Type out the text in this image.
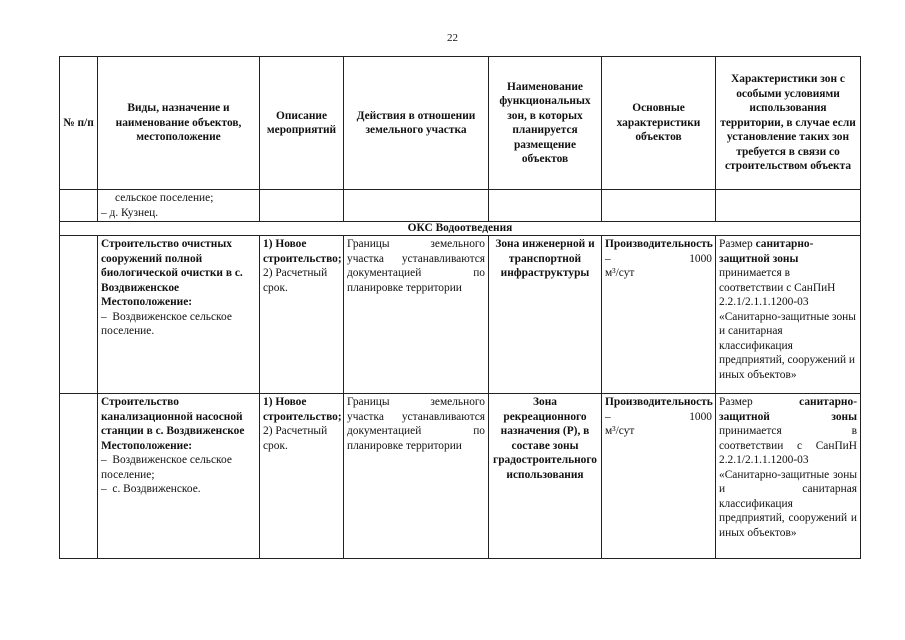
22
№ п/п	Виды, назначение и наименование объектов, местоположение	Описание мероприятий	Действия в отношении земельного участка	Наименование функциональных зон, в которых планируется размещение объектов	Основные характеристики объектов	Характеристики зон с особыми условиями использования территории, в случае если установление таких зон требуется в связи со строительством объекта

	сельское поселение;
– д. Кузнец.					

ОКС Водоотведения						

	Строительство очистных сооружений полной биологической очистки в с. Воздвиженское
Местоположение:
–  Воздвиженское сельское поселение.	1) Новое строительство;
2) Расчетный срок.	Границы земельного участка устанавливаются документацией по планировке территории	Зона инженерной и транспортной инфраструктуры	Производительность
– 1000
м³/сут	Размер санитарно-защитной зоны принимается в соответствии с СанПиН 2.2.1/2.1.1.1200-03 «Санитарно-защитные зоны и санитарная классификация предприятий, сооружений и иных объектов»

	Строительство канализационной насосной станции в с. Воздвиженское
Местоположение:
–  Воздвиженское сельское поселение;
–  с. Воздвиженское.	1) Новое строительство;
2) Расчетный срок.	Границы земельного участка устанавливаются документацией по планировке территории	Зона рекреационного назначения (Р), в составе зоны градостроительного использования	Производительность
– 1000
м³/сут	Размер санитарно-защитной зоны принимается в соответствии с СанПиН 2.2.1/2.1.1.1200-03 «Санитарно-защитные зоны и санитарная классификация предприятий, сооружений и иных объектов»
